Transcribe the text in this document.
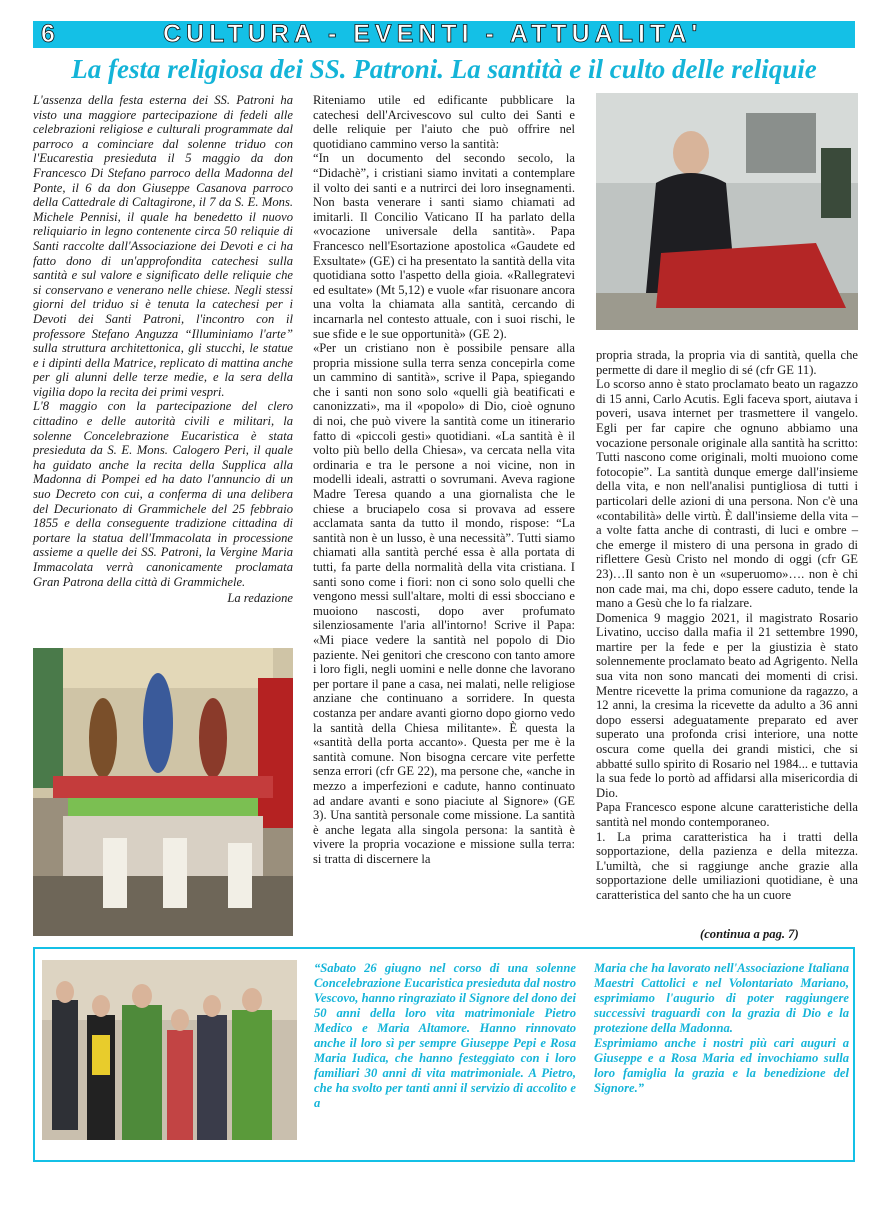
6	CULTURA - EVENTI - ATTUALITA'
La festa religiosa dei SS. Patroni. La santità e il culto delle reliquie

L'assenza della festa esterna dei SS. Patroni ha visto una maggiore partecipazione di fedeli alle celebrazioni religiose e culturali programmate dal parroco a cominciare dal solenne triduo con l'Eucarestia presieduta il 5 maggio da don Francesco Di Stefano parroco della Madonna del Ponte, il 6 da don Giuseppe Casanova parroco della Cattedrale di Caltagirone, il 7 da S. E. Mons. Michele Pennisi, il quale ha benedetto il nuovo reliquiario in legno contenente circa 50 reliquie di Santi raccolte dall'Associazione dei Devoti e ci ha fatto dono di un'approfondita catechesi sulla santità e sul valore e significato delle reliquie che si conservano e venerano nelle chiese. Negli stessi giorni del triduo si è tenuta la catechesi per i Devoti dei Santi Patroni, l'incontro con il professore Stefano Anguzza “Illuminiamo l'arte” sulla struttura architettonica, gli stucchi, le statue e i dipinti della Matrice, replicato di mattina anche per gli alunni delle terze medie, e la sera della vigilia dopo la recita dei primi vespri.

L'8 maggio con la partecipazione del clero cittadino e delle autorità civili e militari, la solenne Concelebrazione Eucaristica è stata presieduta da S. E. Mons. Calogero Peri, il quale ha guidato anche la recita della Supplica alla Madonna di Pompei ed ha dato l'annuncio di un suo Decreto con cui, a conferma di una delibera del Decurionato di Grammichele del 25 febbraio 1855 e della conseguente tradizione cittadina di portare la statua dell'Immacolata in processione assieme a quelle dei SS. Patroni, la Vergine Maria Immacolata verrà canonicamente proclamata Gran Patrona della città di Grammichele.

La redazione

Riteniamo utile ed edificante pubblicare la catechesi dell'Arcivescovo sul culto dei Santi e delle reliquie per l'aiuto che può offrire nel quotidiano cammino verso la santità:

“In un documento del secondo secolo, la “Didachè”, i cristiani siamo invitati a contemplare il volto dei santi e a nutrirci dei loro insegnamenti. Non basta venerare i santi siamo chiamati ad imitarli. Il Concilio Vaticano II ha parlato della «vocazione universale della santità». Papa Francesco nell'Esortazione apostolica «Gaudete ed Exsultate» (GE) ci ha presentato la santità della vita quotidiana sotto l'aspetto della gioia. «Rallegratevi ed esultate» (Mt 5,12) e vuole «far risuonare ancora una volta la chiamata alla santità, cercando di incarnarla nel contesto attuale, con i suoi rischi, le sue sfide e le sue opportunità» (GE 2).

«Per un cristiano non è possibile pensare alla propria missione sulla terra senza concepirla come un cammino di santità», scrive il Papa, spiegando che i santi non sono solo «quelli già beatificati e canonizzati», ma il «popolo» di Dio, cioè ognuno di noi, che può vivere la santità come un itinerario fatto di «piccoli gesti» quotidiani. «La santità è il volto più bello della Chiesa», va cercata nella vita ordinaria e tra le persone a noi vicine, non in modelli ideali, astratti o sovrumani. Aveva ragione Madre Teresa quando a una giornalista che le chiese a bruciapelo cosa si provava ad essere acclamata santa da tutto il mondo, rispose: “La santità non è un lusso, è una necessità”. Tutti siamo chiamati alla santità perché essa è alla portata di tutti, fa parte della normalità della vita cristiana. I santi sono come i fiori: non ci sono solo quelli che vengono messi sull'altare, molti di essi sbocciano e muoiono nascosti, dopo aver profumato silenziosamente l'aria all'intorno! Scrive il Papa: «Mi piace vedere la santità nel popolo di Dio paziente. Nei genitori che crescono con tanto amore i loro figli, negli uomini e nelle donne che lavorano per portare il pane a casa, nei malati, nelle religiose anziane che continuano a sorridere. In questa costanza per andare avanti giorno dopo giorno vedo la santità della Chiesa militante». È questa la «santità della porta accanto». Questa per me è la santità comune. Non bisogna cercare vite perfette senza errori (cfr GE 22), ma persone che, «anche in mezzo a imperfezioni e cadute, hanno continuato ad andare avanti e sono piaciute al Signore» (GE 3). Una santità personale come missione. La santità è anche legata alla singola persona: la santità è vivere la propria vocazione e missione sulla terra: si tratta di discernere la

propria strada, la propria via di santità, quella che permette di dare il meglio di sé (cfr GE 11).

Lo scorso anno è stato proclamato beato un ragazzo di 15 anni, Carlo Acutis. Egli faceva sport, aiutava i poveri, usava internet per trasmettere il vangelo. Egli per far capire che ognuno abbiamo una vocazione personale originale alla santità ha scritto: Tutti nascono come originali, molti muoiono come fotocopie”. La santità dunque emerge dall'insieme della vita, e non nell'analisi puntigliosa di tutti i particolari delle azioni di una persona. Non c'è una «contabilità» delle virtù. È dall'insieme della vita – a volte fatta anche di contrasti, di luci e ombre – che emerge il mistero di una persona in grado di riflettere Gesù Cristo nel mondo di oggi (cfr GE 23)…Il santo non è un «superuomo»…. non è chi non cade mai, ma chi, dopo essere caduto, tende la mano a Gesù che lo fa rialzare.

Domenica 9 maggio 2021, il magistrato Rosario Livatino, ucciso dalla mafia il 21 settembre 1990, martire per la fede e per la giustizia è stato solennemente proclamato beato ad Agrigento. Nella sua vita non sono mancati dei momenti di crisi. Mentre ricevette la prima comunione da ragazzo, a 12 anni, la cresima la ricevette da adulto a 36 anni dopo essersi adeguatamente preparato ed aver superato una profonda crisi interiore, una notte oscura come quella dei grandi mistici, che si abbatté sullo spirito di Rosario nel 1984... e tuttavia la sua fede lo portò ad affidarsi alla misericordia di Dio.

Papa Francesco espone alcune caratteristiche della santità nel mondo contemporaneo.

1. La prima caratteristica ha i tratti della sopportazione, della pazienza e della mitezza. L'umiltà, che si raggiunge anche grazie alla sopportazione delle umiliazioni quotidiane, è una caratteristica del santo che ha un cuore

(continua a pag. 7)

“Sabato 26 giugno nel corso di una solenne Concelebrazione Eucaristica presieduta dal nostro Vescovo, hanno ringraziato il Signore del dono dei 50 anni della loro vita matrimoniale Pietro Medico e Maria Altamore. Hanno rinnovato anche il loro sì per sempre Giuseppe Pepi e Rosa Maria Iudica, che hanno festeggiato con i loro familiari 30 anni di vita matrimoniale. A Pietro, che ha svolto per tanti anni il servizio di accolito e a

Maria che ha lavorato nell'Associazione Italiana Maestri Cattolici e nel Volontariato Mariano, esprimiamo l'augurio di poter raggiungere successivi traguardi con la grazia di Dio e la protezione della Madonna.

Esprimiamo anche i nostri più cari auguri a Giuseppe e a Rosa Maria ed invochiamo sulla loro famiglia la grazia e la benedizione del Signore.”
